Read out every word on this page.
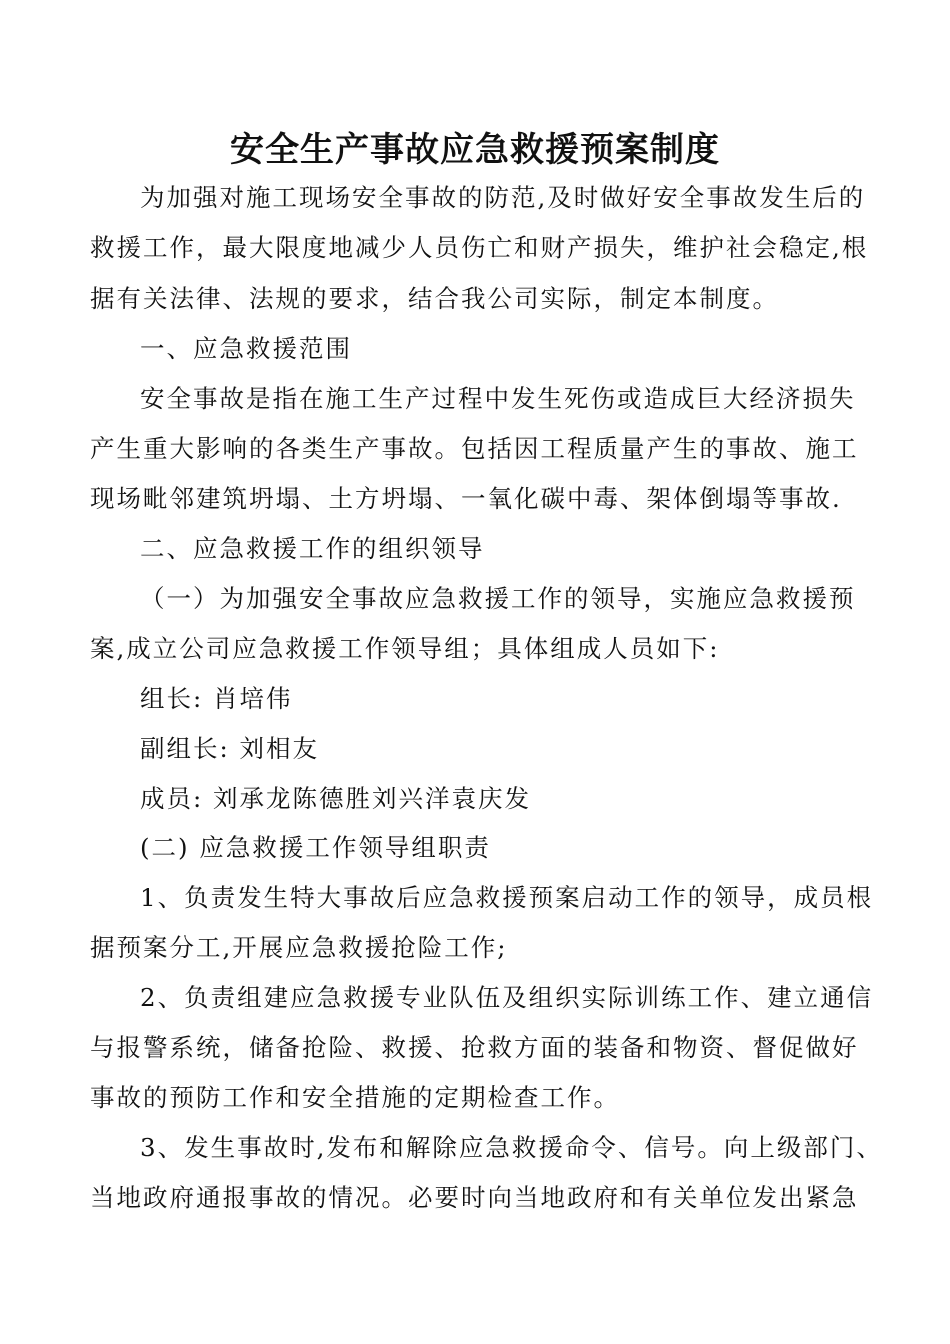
安全生产事故应急救援预案制度
为加强对施工现场安全事故的防范,及时做好安全事故发生后的
救援工作，最大限度地减少人员伤亡和财产损失，维护社会稳定,根
据有关法律、法规的要求，结合我公司实际，制定本制度。
一、应急救援范围
安全事故是指在施工生产过程中发生死伤或造成巨大经济损失
产生重大影响的各类生产事故。包括因工程质量产生的事故、施工
现场毗邻建筑坍塌、土方坍塌、一氧化碳中毒、架体倒塌等事故.
二、应急救援工作的组织领导
（一）为加强安全事故应急救援工作的领导，实施应急救援预
案,成立公司应急救援工作领导组；具体组成人员如下:
组长: 肖培伟
副组长: 刘相友
成员: 刘承龙陈德胜刘兴洋袁庆发
(二) 应急救援工作领导组职责
1、负责发生特大事故后应急救援预案启动工作的领导，成员根
据预案分工,开展应急救援抢险工作;
2、负责组建应急救援专业队伍及组织实际训练工作、建立通信
与报警系统，储备抢险、救援、抢救方面的装备和物资、督促做好
事故的预防工作和安全措施的定期检查工作。
3、发生事故时,发布和解除应急救援命令、信号。向上级部门、
当地政府通报事故的情况。必要时向当地政府和有关单位发出紧急
